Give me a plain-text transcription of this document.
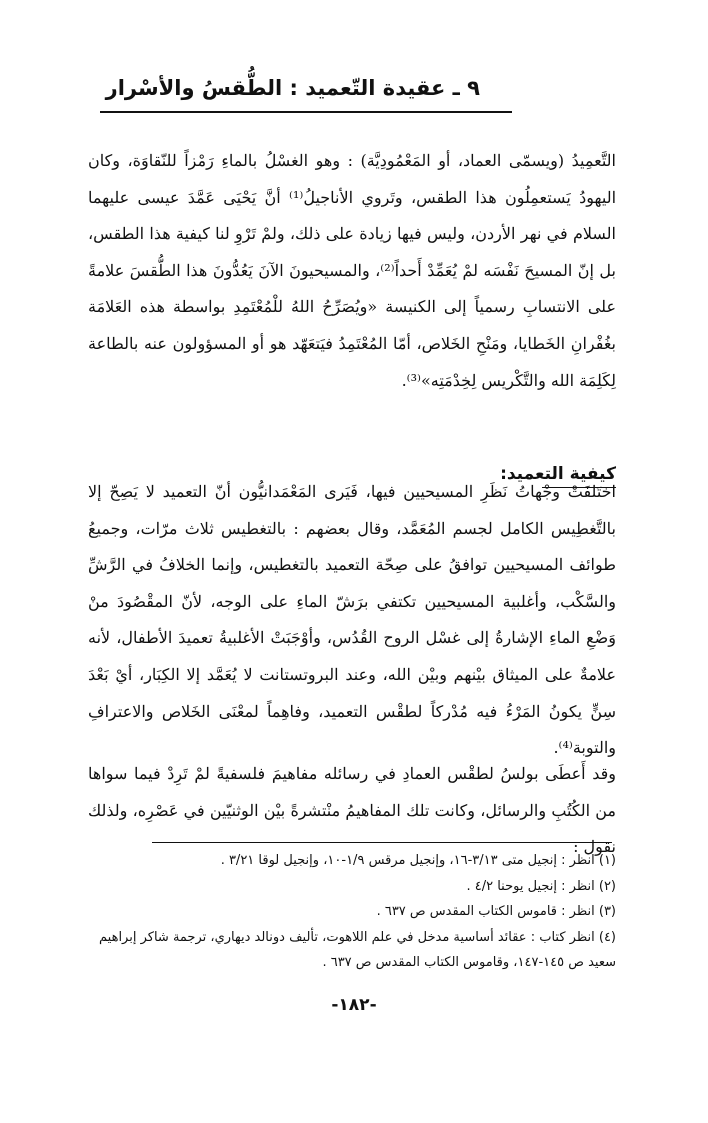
٩ ـ عقيدة التّعميد : الطُّقسُ والأسْرار
التَّعمِيدُ (ويسمّى العماد، أو المَعْمُودِيَّة) : وهو الغسْلُ بالماءِ رَمْزاً للنّقاوَة، وكان اليهودُ يَستعمِلُون هذا الطقس، وتَروي الأناجيلُ⁽¹⁾ أنَّ يَحْيَى عَمَّدَ عيسى عليهما السلام في نهر الأردن، وليس فيها زيادة على ذلك، ولمْ تَرْوِ لنا كيفية هذا الطقس، بل إنّ المسيحَ نَفْسَه لمْ يُعَمِّدْ أَحداً⁽²⁾، والمسيحيونَ الآنَ يَعُدُّونَ هذا الطُّقسَ علامةً على الانتسابِ رسمياً إلى الكنيسة «ويُصَرِّحُ اللهُ للْمُعْتَمِدِ بواسطة هذه العَلامَة بغُفْرانِ الخَطايا، ومَنْحِ الخَلاص، أمّا المُعْتَمِدُ فيَتعَهّد هو أو المسؤولون عنه بالطاعة لِكَلِمَة الله والتَّكْريس لِخِدْمَتِه»⁽³⁾.
كيفية التعميد:
اختَلفَتْ وجْهاتُ نَظَرِ المسيحيين فيها، فَيَرى المَعْمَدانيُّون أنّ التعميد لا يَصِحّ إلا بالتَّغطِيس الكامل لجسم المُعَمَّد، وقال بعضهم : بالتغطيس ثلاث مرّات، وجميعُ طوائف المسيحيين توافقُ على صِحّة التعميد بالتغطيس، وإنما الخلافُ في الرَّشِّ والسَّكْب، وأغلبية المسيحيين تكتفي برَشّ الماءِ على الوجه، لأنّ المقْصُودَ منْ وَضْعِ الماءِ الإشارةُ إلى غسْل الروح القُدُس، وأوْجَبَتْ الأغلبيةُ تعميدَ الأطفال، لأنه علامةٌ على الميثاق بيْنهم وبيْن الله، وعند البروتستانت لا يُعَمَّد إلا الكِبَار، أيْ بَعْدَ سِنٍّ يكونُ المَرْءُ فيه مُدْركاً لطقْس التعميد، وفاهِماً لمعْنَى الخَلاص والاعترافِ والتوبة⁽⁴⁾.
وقد أَعطَى بولسُ لطقْس العمادِ في رسائله مفاهيمَ فلسفيةً لمْ تَرِدْ فيما سواها من الكُتُبِ والرسائل، وكانت تلك المفاهيمُ منْتشرةً بيْن الوثنيّين في عَصْرِه، ولذلك نقول :

(١) انظر : إنجيل متى ٣/١٣-١٦، وإنجيل مرقس ١/٩-١٠، وإنجيل لوقا ٣/٢١ .

(٢) انظر : إنجيل يوحنا ٤/٢ .

(٣) انظر : قاموس الكتاب المقدس ص ٦٣٧ .

(٤) انظر كتاب : عقائد أساسية مدخل في علم اللاهوت، تأليف دونالد ديهاري، ترجمة شاكر إبراهيم سعيد ص ١٤٥-١٤٧، وقاموس الكتاب المقدس ص ٦٣٧ .

-١٨٢-
